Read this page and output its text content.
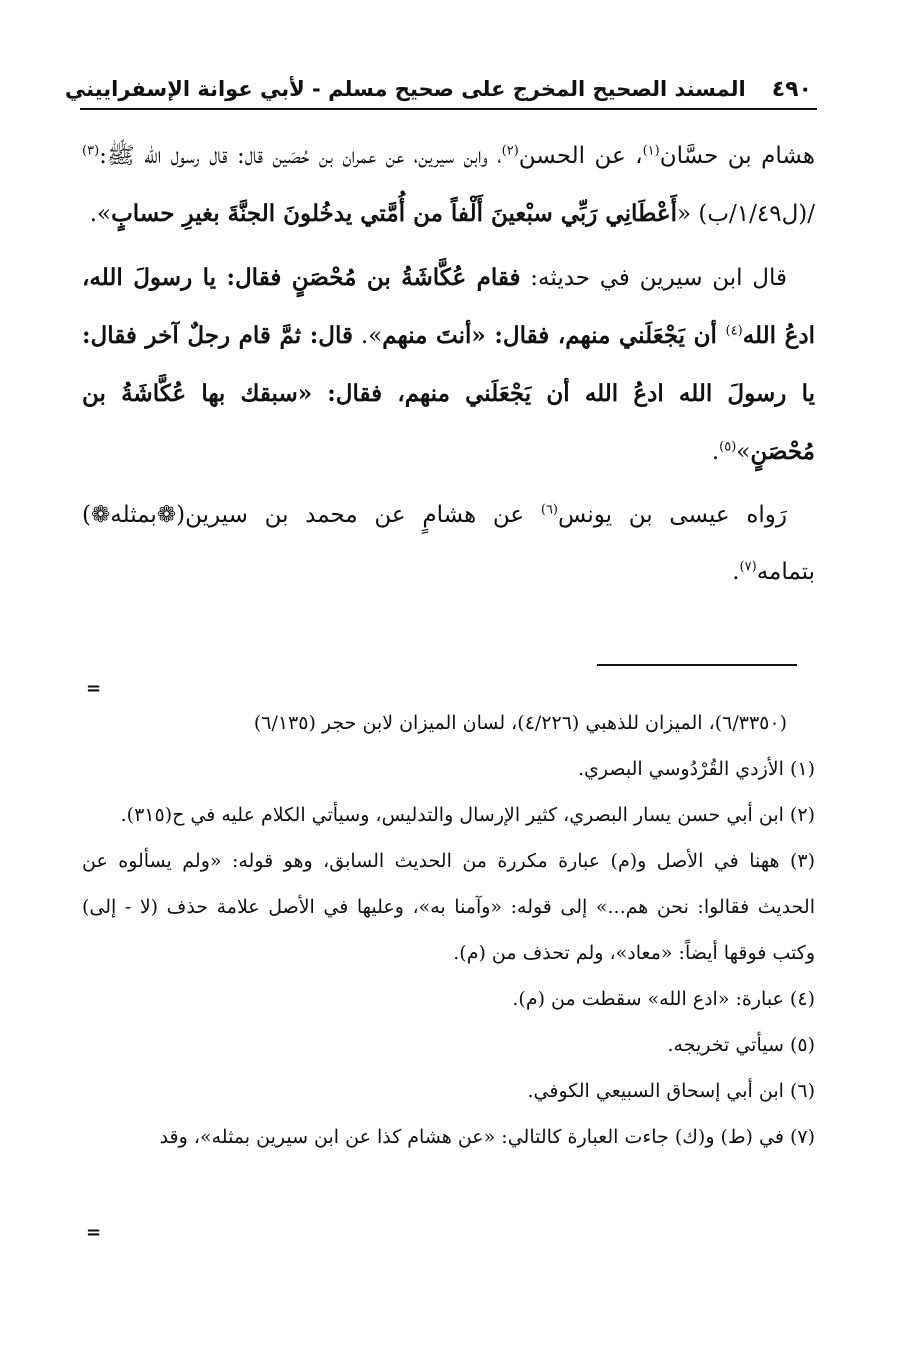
٤٩٠
المسند الصحيح المخرج على صحيح مسلم - لأبي عوانة الإسفراييني

هشام بن حسَّان$^{(١)}$، عن الحسن$^{(٢)}$، وابن سيرين، عن عمران بن حُصَين قال: قال رسول الله ﷺ:$^{(٣)}$ /(ل١/٤٩/ب) «أَعْطَانِي رَبِّي سبْعينَ أَلْفاً من أُمَّتي يدخُلونَ الجنَّةَ بغيرِ حسابٍ».

قال ابن سيرين في حديثه: فقام عُكَّاشَةُ بن مُحْصَنٍ فقال: يا رسولَ الله، ادعُ الله$^{(٤)}$ أن يَجْعَلَني منهم، فقال: «أنتَ منهم». قال: ثمَّ قام رجلٌ آخر فقال: يا رسولَ الله ادعُ الله أن يَجْعَلَني منهم، فقال: «سبقك بها عُكَّاشَةُ بن مُحْصَنٍ»$^{(٥)}$.

رَواه عيسى بن يونس$^{(٦)}$ عن هشامٍ عن محمد بن سيرين(❁بمثله❁) بتمامه$^{(٧)}$.

=

(٦/٣٣٥٠)، الميزان للذهبي (٤/٢٢٦)، لسان الميزان لابن حجر (٦/١٣٥)

(١) الأزدي القُرْدُوسي البصري.

(٢) ابن أبي حسن يسار البصري، كثير الإرسال والتدليس، وسيأتي الكلام عليه في ح(٣١٥).

(٣) ههنا في الأصل و(م) عبارة مكررة من الحديث السابق، وهو قوله: «ولم يسألوه عن الحديث فقالوا: نحن هم...» إلى قوله: «وآمنا به»، وعليها في الأصل علامة حذف (لا - إلى) وكتب فوقها أيضاً: «معاد»، ولم تحذف من (م).

(٤) عبارة: «ادع الله» سقطت من (م).

(٥) سيأتي تخريجه.

(٦) ابن أبي إسحاق السبيعي الكوفي.

(٧) في (ط) و(ك) جاءت العبارة كالتالي: «عن هشام كذا عن ابن سيرين بمثله»، وقد

=
